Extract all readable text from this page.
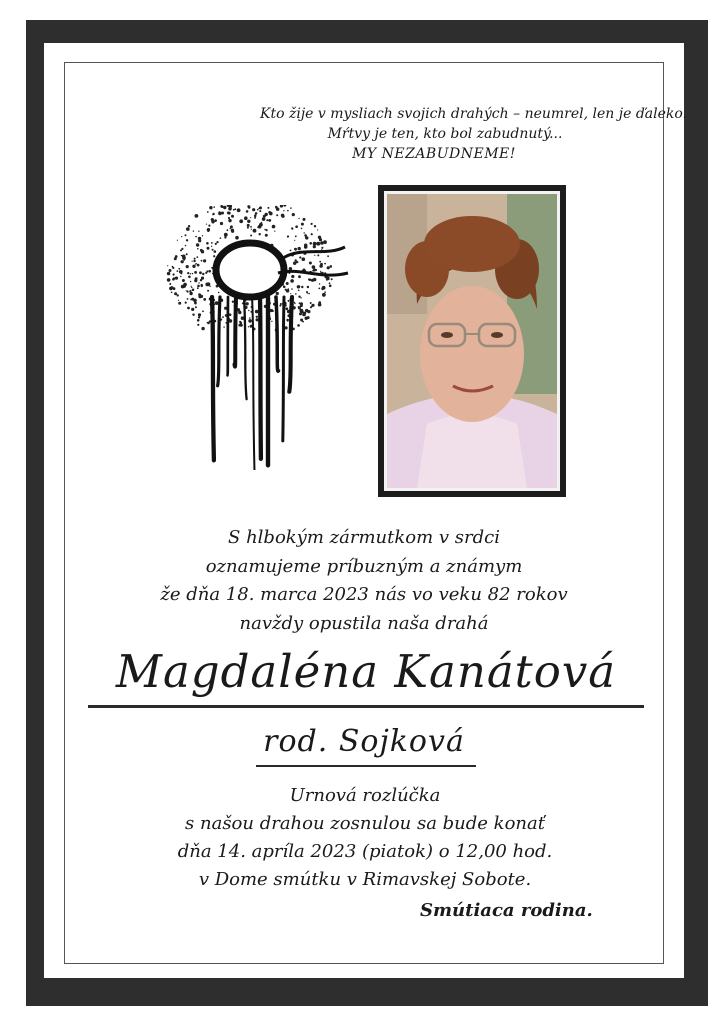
Kto žije v mysliach svojich drahých – neumrel, len je ďaleko.
Mŕtvy je ten, kto bol zabudnutý...
MY NEZABUDNEME!
S hlbokým zármutkom v srdci
oznamujeme príbuzným a známym
že dňa 18. marca 2023 nás vo veku 82 rokov
navždy opustila naša drahá
Magdaléna Kanátová
rod. Sojková
Urnová rozlúčka
s našou drahou zosnulou sa bude konať
dňa 14. apríla 2023 (piatok) o 12,00 hod.
v Dome smútku v Rimavskej Sobote.
Smútiaca rodina.
